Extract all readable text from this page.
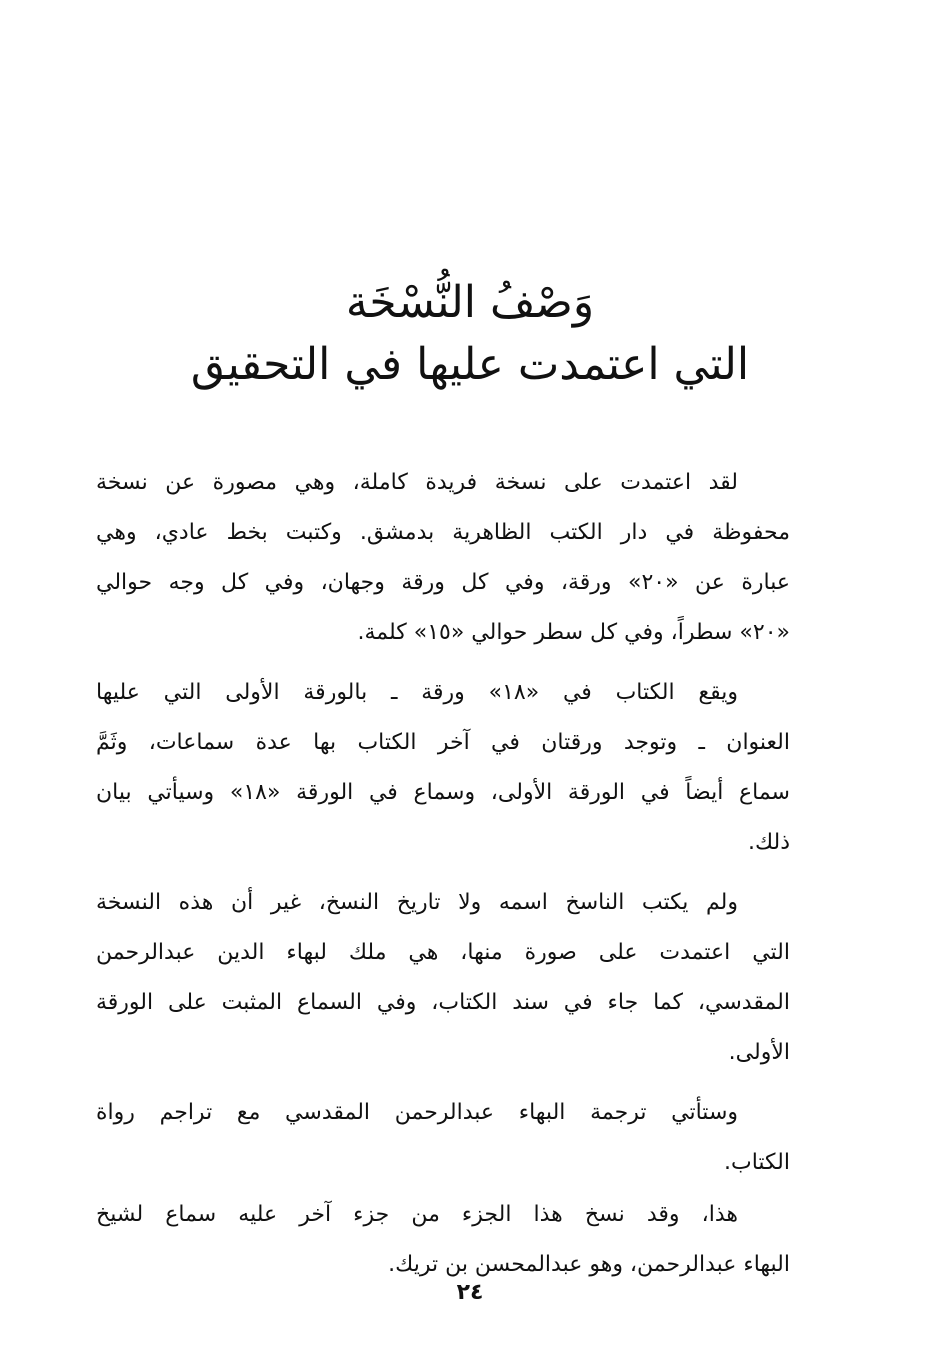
وَصْفُ النُّسْخَة
التي اعتمدت عليها في التحقيق
لقد اعتمدت على نسخة فريدة كاملة، وهي مصورة عن نسخة
محفوظة في دار الكتب الظاهرية بدمشق. وكتبت بخط عادي، وهي
عبارة عن «٢٠» ورقة، وفي كل ورقة وجهان، وفي كل وجه حوالي
«٢٠» سطراً، وفي كل سطر حوالي «١٥» كلمة.
ويقع الكتاب في «١٨» ورقة ـ بالورقة الأولى التي عليها
العنوان ـ وتوجد ورقتان في آخر الكتاب بها عدة سماعات، وثَمَّ
سماع أيضاً في الورقة الأولى، وسماع في الورقة «١٨» وسيأتي بيان
ذلك.
ولم يكتب الناسخ اسمه ولا تاريخ النسخ، غير أن هذه النسخة
التي اعتمدت على صورة منها، هي ملك لبهاء الدين عبدالرحمن
المقدسي، كما جاء في سند الكتاب، وفي السماع المثبت على الورقة
الأولى.
وستأتي ترجمة البهاء عبدالرحمن المقدسي مع تراجم رواة
الكتاب.
هذا، وقد نسخ هذا الجزء من جزء آخر عليه سماع لشيخ
البهاء عبدالرحمن، وهو عبدالمحسن بن تريك.
٢٤
